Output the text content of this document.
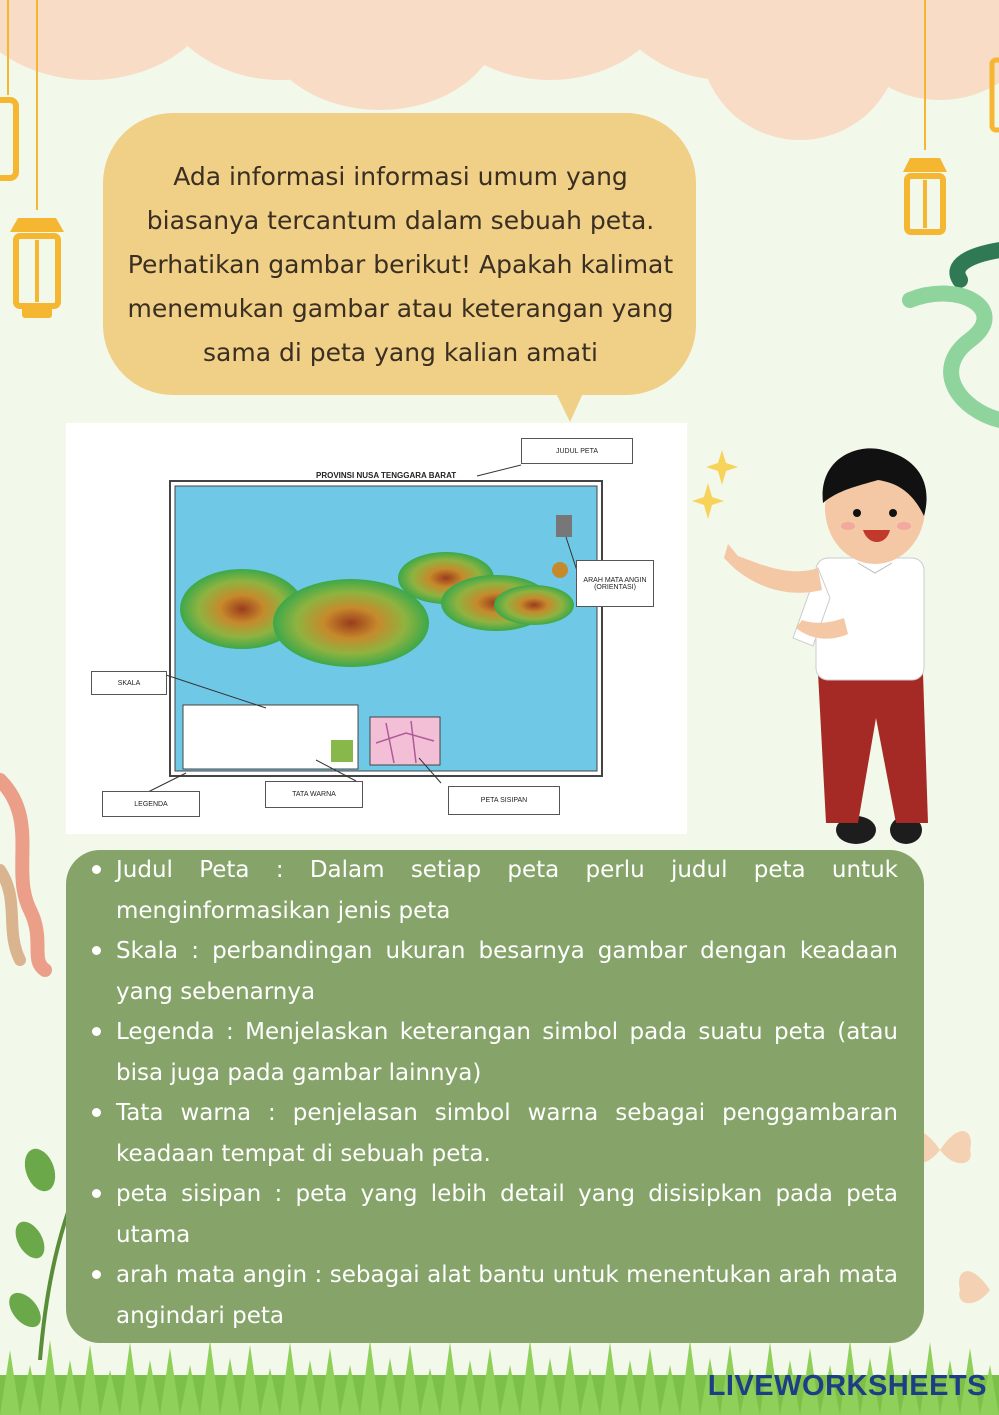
Ada informasi informasi umum yang biasanya tercantum dalam sebuah peta. Perhatikan gambar berikut! Apakah kalimat menemukan gambar atau keterangan yang sama di peta yang kalian amati
PROVINSI NUSA TENGGARA BARAT
JUDUL PETA
ARAH MATA ANGIN (ORIENTASI)
SKALA
LEGENDA
TATA WARNA
PETA SISIPAN
Judul Peta : Dalam setiap peta perlu judul peta untuk menginformasikan jenis peta
Skala : perbandingan ukuran besarnya gambar dengan keadaan yang sebenarnya
Legenda : Menjelaskan keterangan simbol pada suatu peta (atau bisa juga pada gambar lainnya)
Tata warna : penjelasan simbol warna sebagai penggambaran keadaan tempat di sebuah peta.
peta sisipan : peta yang lebih detail yang disisipkan pada peta utama
arah mata angin : sebagai alat bantu untuk menentukan arah mata angindari peta
LIVEWORKSHEETS
